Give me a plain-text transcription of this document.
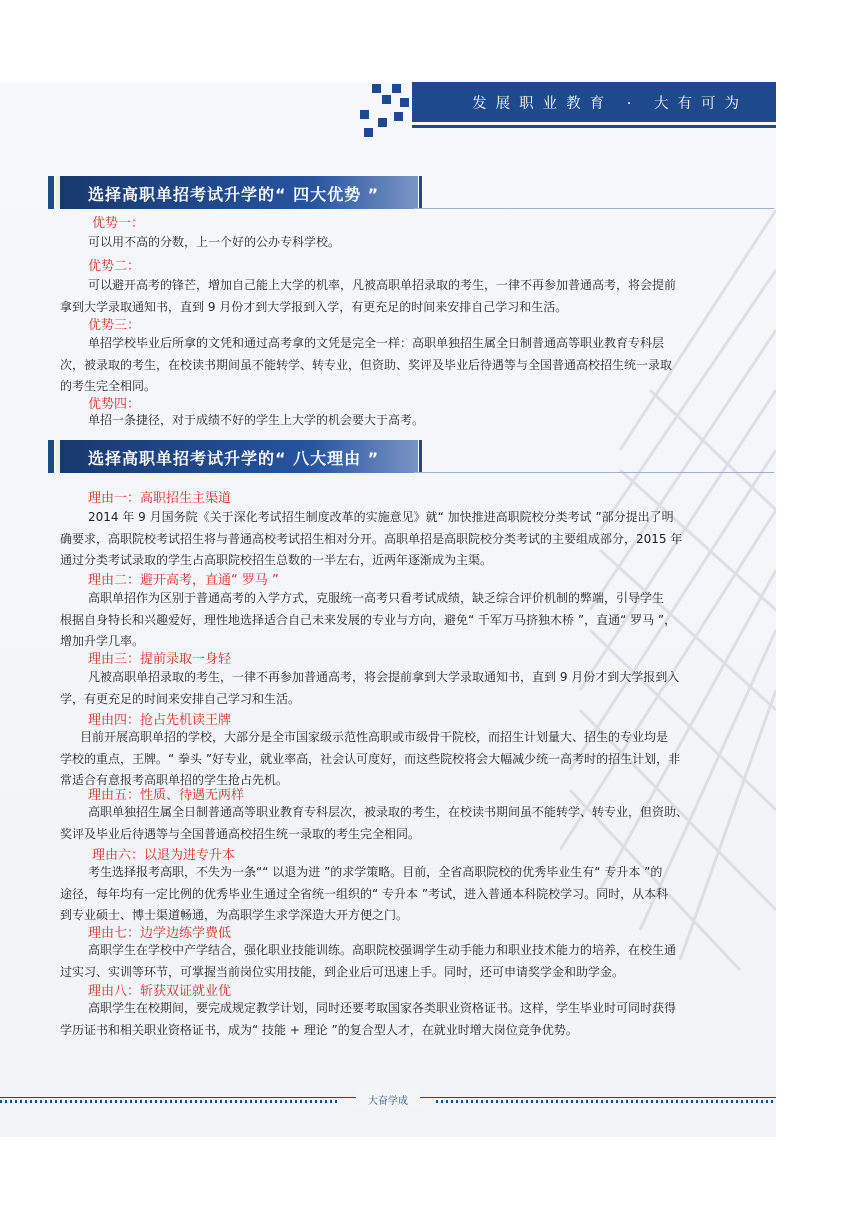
发展职业教育 · 大有可为
选择高职单招考试升学的“ 四大优势 ”
优势一：
可以用不高的分数，上一个好的公办专科学校。
优势二：
可以避开高考的锋芒，增加自己能上大学的机率，凡被高职单招录取的考生，一律不再参加普通高考，将会提前
拿到大学录取通知书，直到 9 月份才到大学报到入学，有更充足的时间来安排自己学习和生活。
优势三：
单招学校毕业后所拿的文凭和通过高考拿的文凭是完全一样：高职单独招生属全日制普通高等职业教育专科层
次，被录取的考生，在校读书期间虽不能转学、转专业，但资助、奖评及毕业后待遇等与全国普通高校招生统一录取
的考生完全相同。
优势四：
单招一条捷径，对于成绩不好的学生上大学的机会要大于高考。
选择高职单招考试升学的“ 八大理由 ”
理由一：高职招生主渠道
2014 年 9 月国务院《关于深化考试招生制度改革的实施意见》就“ 加快推进高职院校分类考试 ”部分提出了明
确要求，高职院校考试招生将与普通高校考试招生相对分开。高职单招是高职院校分类考试的主要组成部分，2015 年
通过分类考试录取的学生占高职院校招生总数的一半左右，近两年逐渐成为主渠。
理由二：避开高考，直通“ 罗马 ”
高职单招作为区别于普通高考的入学方式，克服统一高考只看考试成绩，缺乏综合评价机制的弊端，引导学生
根据自身特长和兴趣爱好，理性地选择适合自己未来发展的专业与方向，避免“ 千军万马挤独木桥 ”，直通“ 罗马 ”，
增加升学几率。
理由三：提前录取一身轻
凡被高职单招录取的考生，一律不再参加普通高考，将会提前拿到大学录取通知书，直到 9 月份才到大学报到入
学，有更充足的时间来安排自己学习和生活。
理由四：抢占先机读王牌
目前开展高职单招的学校，大部分是全市国家级示范性高职或市级骨干院校，而招生计划量大、招生的专业均是
学校的重点，王牌。“ 拳头 ”好专业，就业率高，社会认可度好，而这些院校将会大幅减少统一高考时的招生计划，非
常适合有意报考高职单招的学生抢占先机。
理由五：性质、待遇无两样
高职单独招生属全日制普通高等职业教育专科层次，被录取的考生，在校读书期间虽不能转学、转专业，但资助、
奖评及毕业后待遇等与全国普通高校招生统一录取的考生完全相同。
理由六：以退为进专升本
考生选择报考高职，不失为一条““ 以退为进 ”的求学策略。目前，全省高职院校的优秀毕业生有“ 专升本 ”的
途径，每年均有一定比例的优秀毕业生通过全省统一组织的“ 专升本 ”考试，进入普通本科院校学习。同时，从本科
到专业硕士、博士渠道畅通，为高职学生求学深造大开方便之门。
理由七：边学边练学费低
高职学生在学校中产学结合，强化职业技能训练。高职院校强调学生动手能力和职业技术能力的培养，在校生通
过实习、实训等环节，可掌握当前岗位实用技能，到企业后可迅速上手。同时，还可申请奖学金和助学金。
理由八：斩获双证就业优
高职学生在校期间，要完成规定教学计划，同时还要考取国家各类职业资格证书。这样，学生毕业时可同时获得
学历证书和相关职业资格证书，成为“ 技能 + 理论 ”的复合型人才，在就业时增大岗位竞争优势。
大奋学成
